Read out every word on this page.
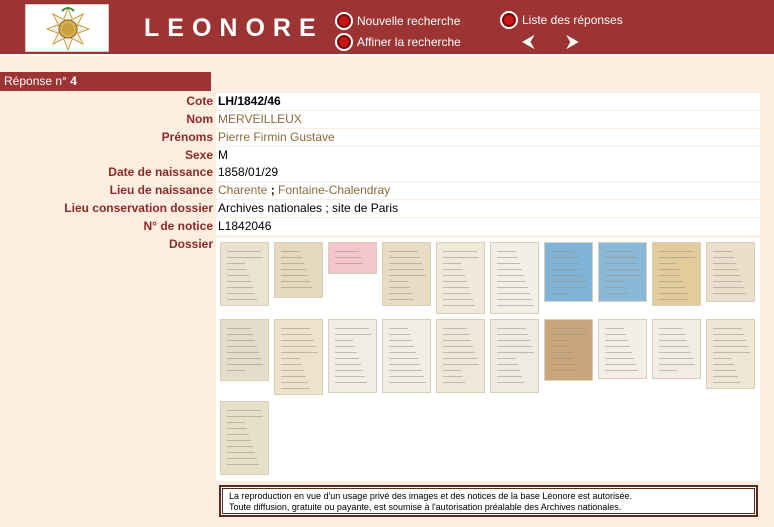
LEONORE	Nouvelle recherche
Affiner la recherche
Liste des réponses
⮜ ⮞
Réponse n° 4
Cote LH/1842/46
Nom MERVEILLEUX
Prénoms Pierre Firmin Gustave
Sexe M
Date de naissance 1858/01/29
Lieu de naissance Charente ; Fontaine-Chalendray
Lieu conservation dossier Archives nationales ; site de Paris
N° de notice L1842046
Dossier
La reproduction en vue d'un usage privé des images et des notices de la base Léonore est autorisée.
Toute diffusion, gratuite ou payante, est soumise à l'autorisation préalable des Archives nationales.
